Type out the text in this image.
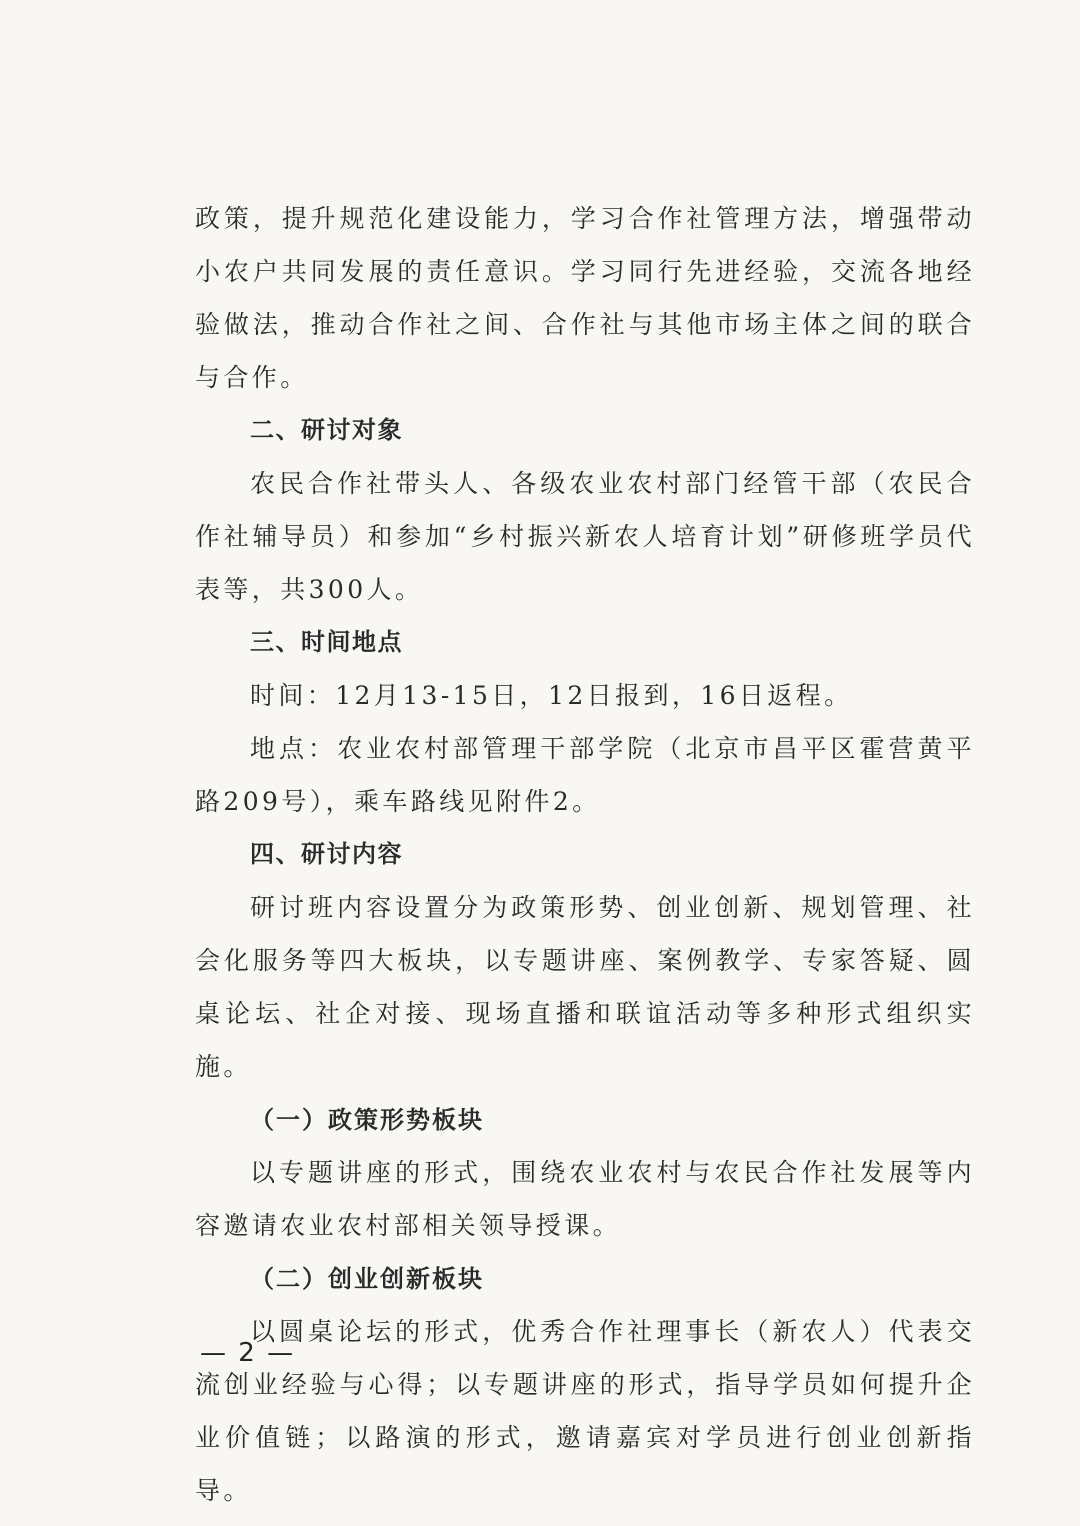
政策，提升规范化建设能力，学习合作社管理方法，增强带动小农户共同发展的责任意识。学习同行先进经验，交流各地经验做法，推动合作社之间、合作社与其他市场主体之间的联合与合作。

二、研讨对象

农民合作社带头人、各级农业农村部门经管干部（农民合作社辅导员）和参加“乡村振兴新农人培育计划”研修班学员代表等，共300人。

三、时间地点

时间：12月13-15日，12日报到，16日返程。

地点：农业农村部管理干部学院（北京市昌平区霍营黄平路209号），乘车路线见附件2。

四、研讨内容

研讨班内容设置分为政策形势、创业创新、规划管理、社会化服务等四大板块，以专题讲座、案例教学、专家答疑、圆桌论坛、社企对接、现场直播和联谊活动等多种形式组织实施。

（一）政策形势板块

以专题讲座的形式，围绕农业农村与农民合作社发展等内容邀请农业农村部相关领导授课。

（二）创业创新板块

以圆桌论坛的形式，优秀合作社理事长（新农人）代表交流创业经验与心得；以专题讲座的形式，指导学员如何提升企业价值链；以路演的形式，邀请嘉宾对学员进行创业创新指导。

— 2 —
